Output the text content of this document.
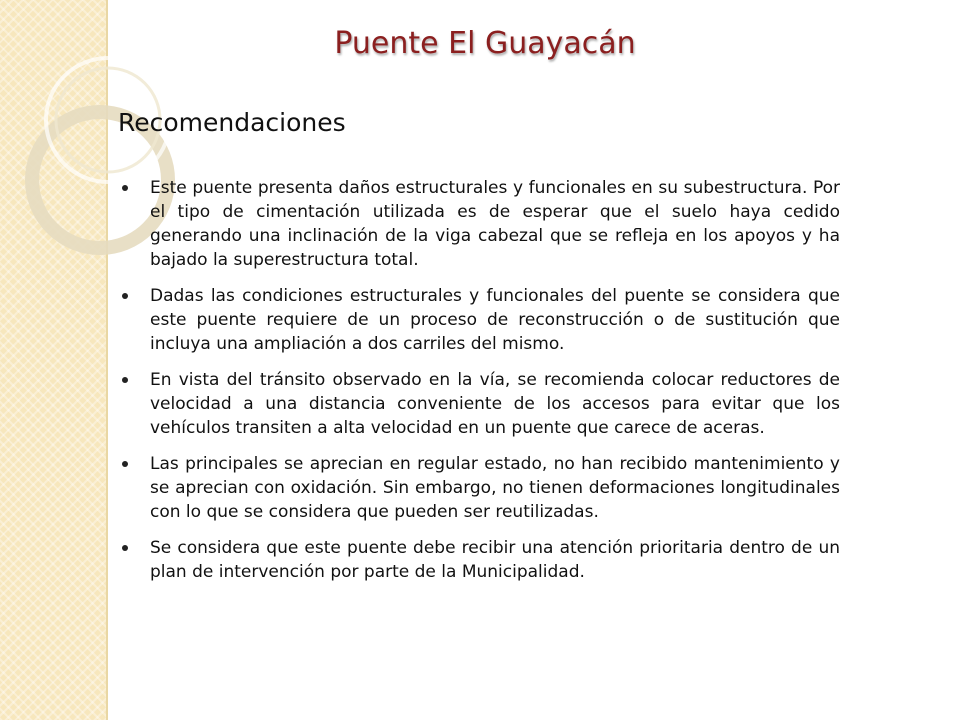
Puente El Guayacán
Recomendaciones
Este puente presenta daños estructurales y funcionales en su subestructura. Por el tipo de cimentación utilizada es de esperar que el suelo haya cedido generando una inclinación de la viga cabezal que se refleja en los apoyos y ha bajado la superestructura total.
Dadas las condiciones estructurales y funcionales del puente se considera que este puente requiere de un proceso de reconstrucción o de sustitución que incluya una ampliación a dos carriles del mismo.
En vista del tránsito observado en la vía, se recomienda colocar reductores de velocidad a una distancia conveniente de los accesos para evitar que los vehículos transiten a alta velocidad en un puente que carece de aceras.
Las principales se aprecian en regular estado, no han recibido mantenimiento y se aprecian con oxidación. Sin embargo, no tienen deformaciones longitudinales con lo que se considera que pueden ser reutilizadas.
Se considera que este puente debe recibir una atención prioritaria dentro de un plan de intervención por parte de la Municipalidad.
